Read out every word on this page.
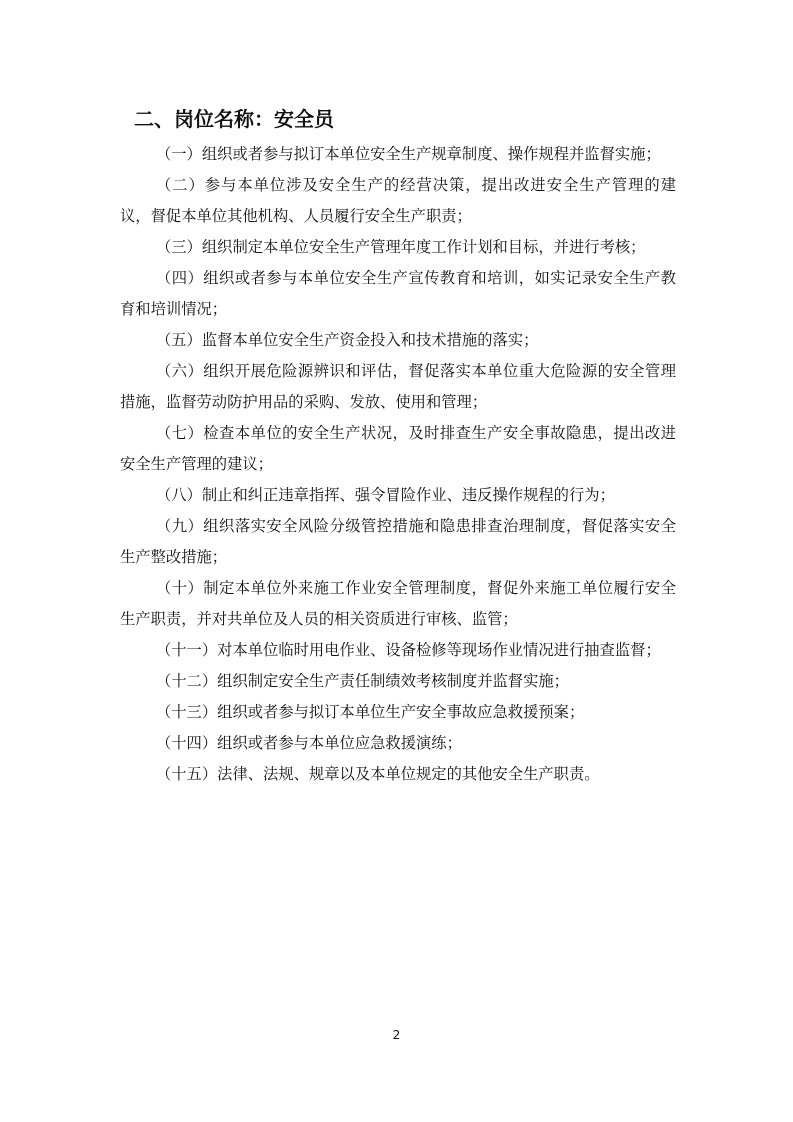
二、岗位名称：安全员

（一）组织或者参与拟订本单位安全生产规章制度、操作规程并监督实施；

（二）参与本单位涉及安全生产的经营决策，提出改进安全生产管理的建议，督促本单位其他机构、人员履行安全生产职责；

（三）组织制定本单位安全生产管理年度工作计划和目标，并进行考核；

（四）组织或者参与本单位安全生产宣传教育和培训，如实记录安全生产教育和培训情况；

（五）监督本单位安全生产资金投入和技术措施的落实；

（六）组织开展危险源辨识和评估，督促落实本单位重大危险源的安全管理措施，监督劳动防护用品的采购、发放、使用和管理；

（七）检查本单位的安全生产状况，及时排查生产安全事故隐患，提出改进安全生产管理的建议；

（八）制止和纠正违章指挥、强令冒险作业、违反操作规程的行为；

（九）组织落实安全风险分级管控措施和隐患排查治理制度，督促落实安全生产整改措施；

（十）制定本单位外来施工作业安全管理制度，督促外来施工单位履行安全生产职责，并对共单位及人员的相关资质进行审核、监管；

（十一）对本单位临时用电作业、设备检修等现场作业情况进行抽查监督；

（十二）组织制定安全生产责任制绩效考核制度并监督实施；

（十三）组织或者参与拟订本单位生产安全事故应急救援预案；

（十四）组织或者参与本单位应急救援演练；

（十五）法律、法规、规章以及本单位规定的其他安全生产职责。

2
